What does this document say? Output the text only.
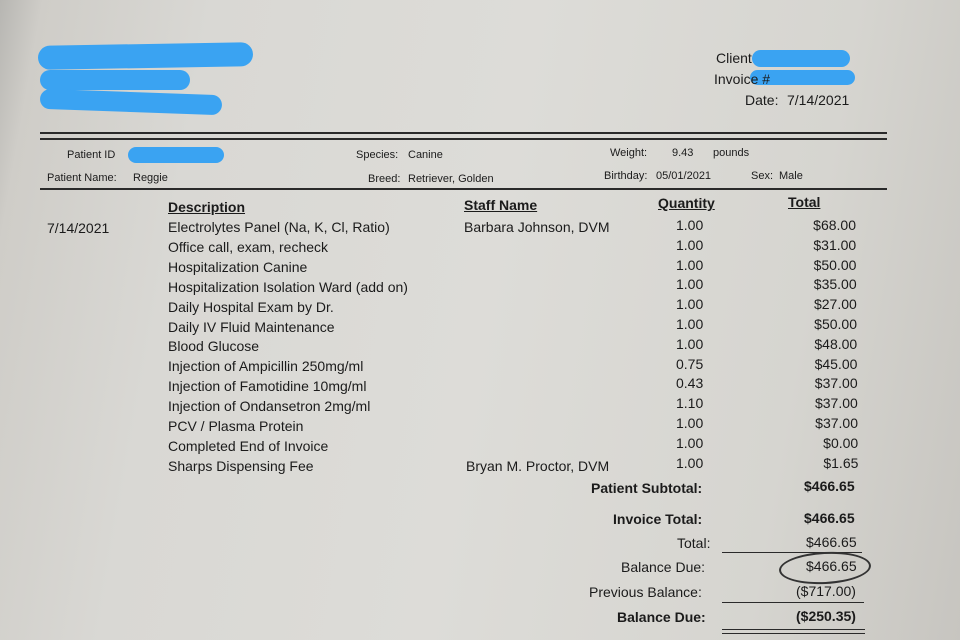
Client
Invoice #
Date: 7/14/2021
Patient ID	Species: Canine	Weight: 9.43 pounds
Patient Name: Reggie	Breed: Retriever, Golden	Birthday: 05/01/2021	Sex: Male
Description	Staff Name	Quantity	Total
7/14/2021	Electrolytes Panel (Na, K, Cl, Ratio)	Barbara Johnson, DVM	1.00	$68.00
Office call, exam, recheck	1.00	$31.00
Hospitalization Canine	1.00	$50.00
Hospitalization Isolation Ward (add on)	1.00	$35.00
Daily Hospital Exam by Dr.	1.00	$27.00
Daily IV Fluid Maintenance	1.00	$50.00
Blood Glucose	1.00	$48.00
Injection of Ampicillin 250mg/ml	0.75	$45.00
Injection of Famotidine 10mg/ml	0.43	$37.00
Injection of Ondansetron 2mg/ml	1.10	$37.00
PCV / Plasma Protein	1.00	$37.00
Completed End of Invoice	1.00	$0.00
Sharps Dispensing Fee	Bryan M. Proctor, DVM	1.00	$1.65
Patient Subtotal:	$466.65
Invoice Total:	$466.65
Total:	$466.65
Balance Due:	$466.65
Previous Balance:	($717.00)
Balance Due:	($250.35)
